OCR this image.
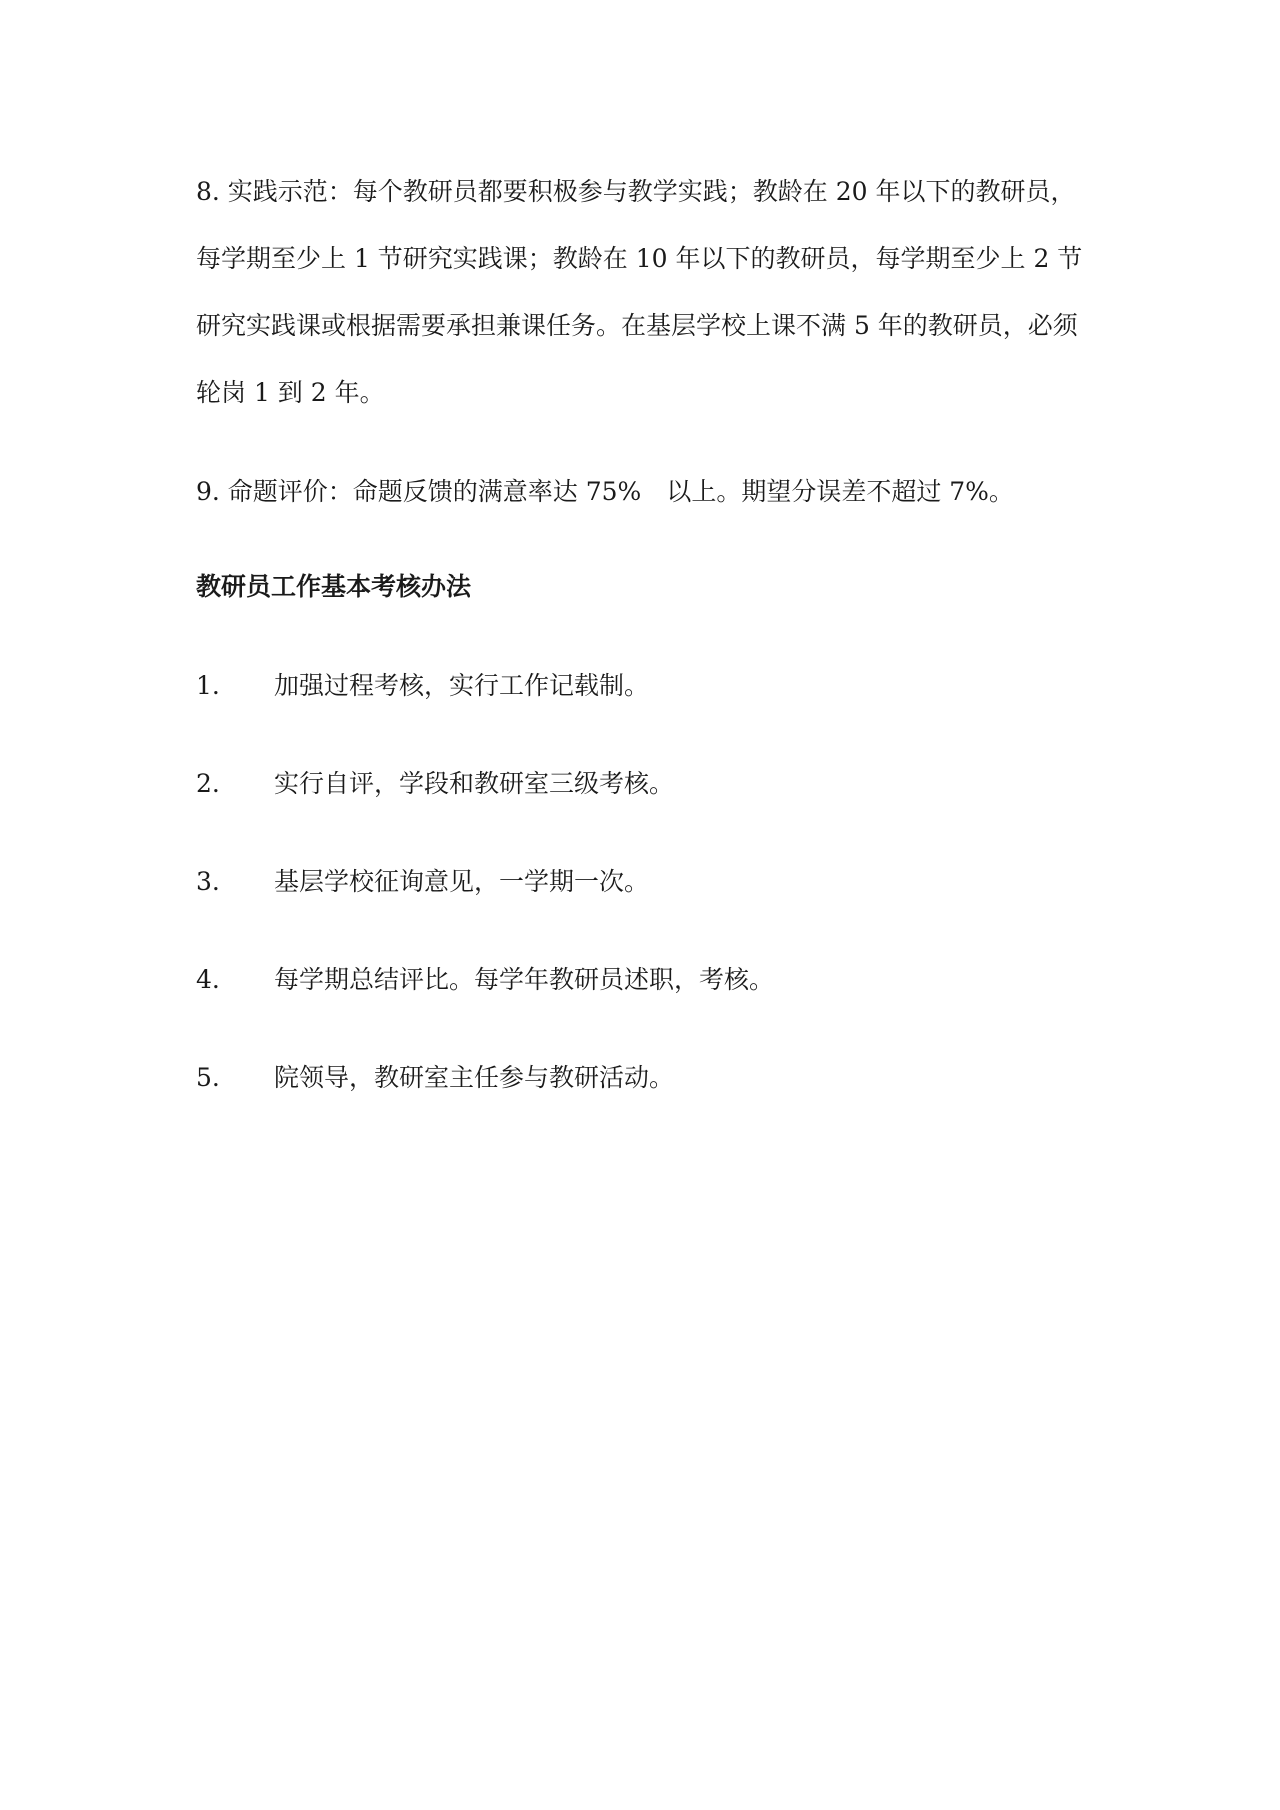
8. 实践示范：每个教研员都要积极参与教学实践；教龄在 20 年以下的教研员，每学期至少上 1 节研究实践课；教龄在 10 年以下的教研员，每学期至少上 2 节研究实践课或根据需要承担兼课任务。在基层学校上课不满 5 年的教研员，必须轮岗 1 到 2 年。

9. 命题评价：命题反馈的满意率达 75%　以上。期望分误差不超过 7%。

教研员工作基本考核办法

1. 加强过程考核，实行工作记载制。

2. 实行自评，学段和教研室三级考核。

3. 基层学校征询意见，一学期一次。

4. 每学期总结评比。每学年教研员述职，考核。

5. 院领导，教研室主任参与教研活动。
